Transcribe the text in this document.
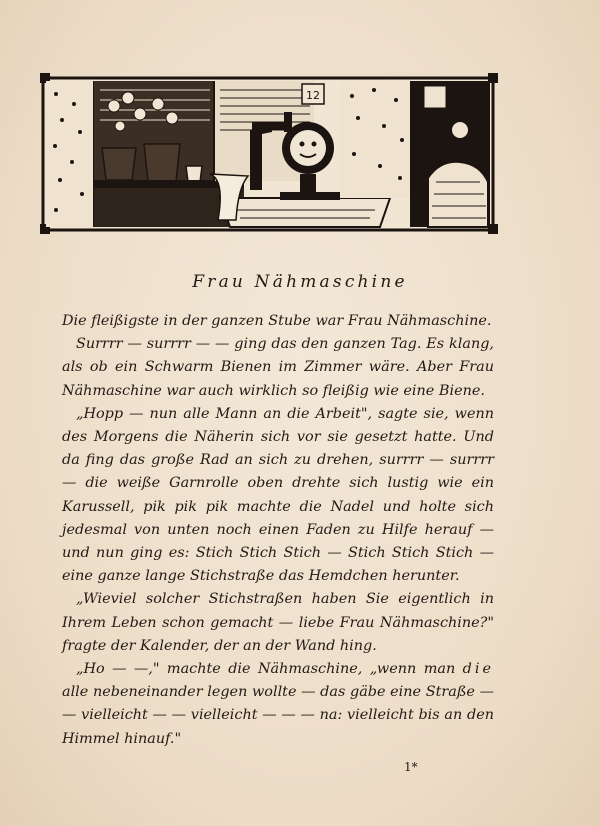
12
Frau Nähmaschine

Die fleißigste in der ganzen Stube war Frau Nähmaschine.

Surrrr — surrrr — — ging das den ganzen Tag. Es klang, als ob ein Schwarm Bienen im Zimmer wäre. Aber Frau Nähmaschine war auch wirklich so fleißig wie eine Biene.

„Hopp — nun alle Mann an die Arbeit", sagte sie, wenn des Morgens die Näherin sich vor sie gesetzt hatte. Und da fing das große Rad an sich zu drehen, surrrr — surrrr — die weiße Garnrolle oben drehte sich lustig wie ein Karussell, pik pik pik machte die Nadel und holte sich jedesmal von unten noch einen Faden zu Hilfe herauf — und nun ging es: Stich Stich Stich — Stich Stich Stich — eine ganze lange Stichstraße das Hemdchen herunter.

„Wieviel solcher Stichstraßen haben Sie eigentlich in Ihrem Leben schon gemacht — liebe Frau Nähmaschine?" fragte der Kalender, der an der Wand hing.

„Ho — —," machte die Nähmaschine, „wenn man die alle nebeneinander legen wollte — das gäbe eine Straße — — vielleicht — — vielleicht — — — na: vielleicht bis an den Himmel hinauf."

1*
